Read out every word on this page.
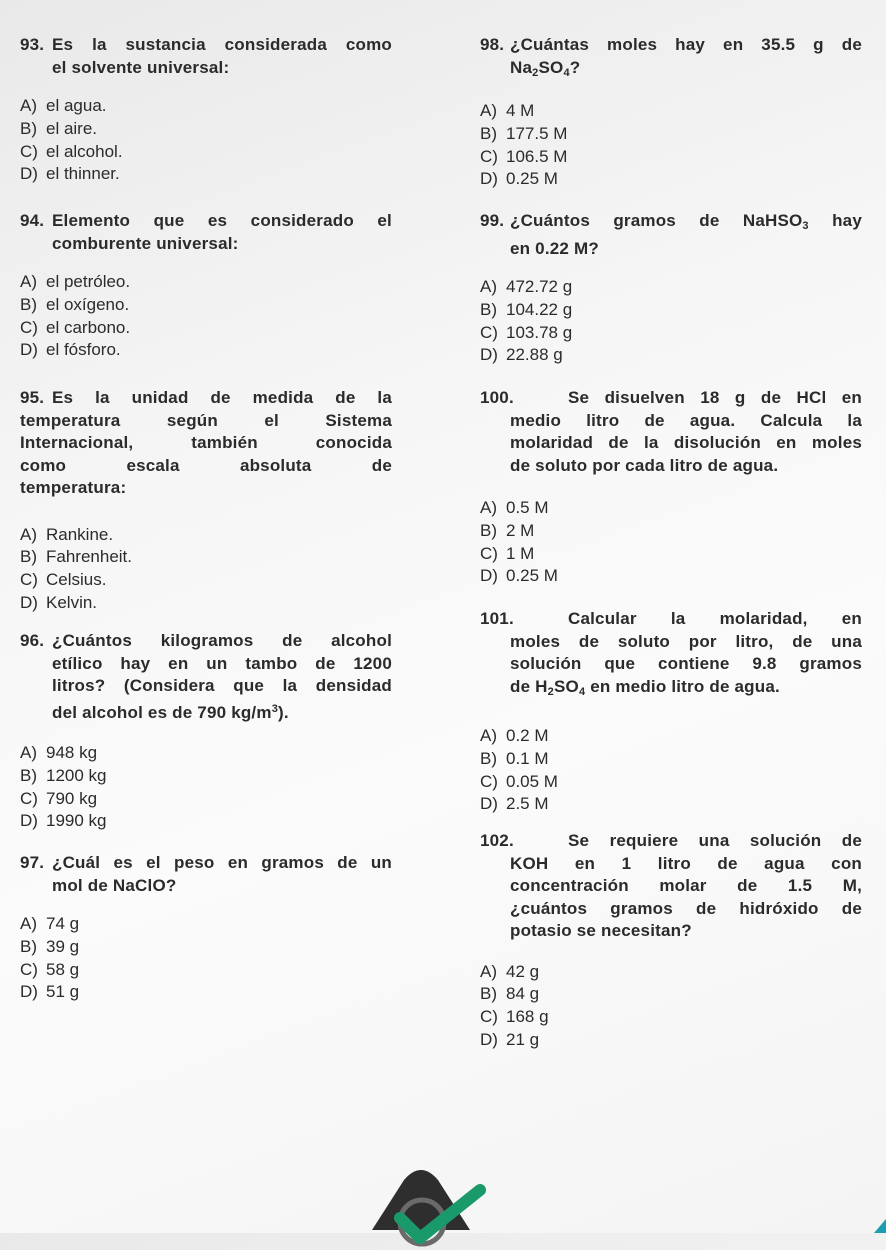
93. Es la sustancia considerada como
el solvente universal:
A) el agua.
B) el aire.
C) el alcohol.
D) el thinner.
94. Elemento que es considerado el
comburente universal:
A) el petróleo.
B) el oxígeno.
C) el carbono.
D) el fósforo.
95. Es la unidad de medida de la
temperatura según el Sistema
Internacional, también conocida
como escala absoluta de
temperatura:
A) Rankine.
B) Fahrenheit.
C) Celsius.
D) Kelvin.
96. ¿Cuántos kilogramos de alcohol
etílico hay en un tambo de 1200
litros? (Considera que la densidad
del alcohol es de 790 $kg/m^3$).
A) 948 kg
B) 1200 kg
C) 790 kg
D) 1990 kg
97. ¿Cuál es el peso en gramos de un
mol de NaClO?
A) 74 g
B) 39 g
C) 58 g
D) 51 g
98. ¿Cuántas moles hay en 35.5 g de
$Na_2SO_4$?
A) 4 M
B) 177.5 M
C) 106.5 M
D) 0.25 M
99. ¿Cuántos gramos de NaHSO$_3$ hay
en 0.22 M?
A) 472.72 g
B) 104.22 g
C) 103.78 g
D) 22.88 g
100.	Se disuelven 18 g de HCl en
medio litro de agua. Calcula la
molaridad de la disolución en moles
de soluto por cada litro de agua.
A) 0.5 M
B) 2 M
C) 1 M
D) 0.25 M
101.	Calcular la molaridad, en
moles de soluto por litro, de una
solución que contiene 9.8 gramos
de $H_2SO_4$ en medio litro de agua.
A) 0.2 M
B) 0.1 M
C) 0.05 M
D) 2.5 M
102.	Se requiere una solución de
KOH en 1 litro de agua con
concentración molar de 1.5 M,
¿cuántos gramos de hidróxido de
potasio se necesitan?
A) 42 g
B) 84 g
C) 168 g
D) 21 g
